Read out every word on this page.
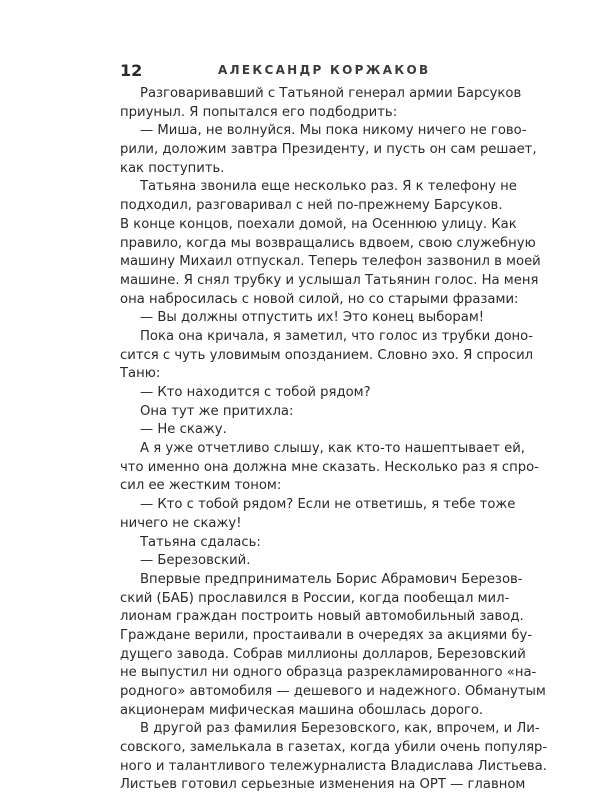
12	АЛЕКСАНДР КОРЖАКОВ
Разговаривавший с Татьяной генерал армии Барсуков
приуныл. Я попытался его подбодрить:
— Миша, не волнуйся. Мы пока никому ничего не гово-
рили, доложим завтра Президенту, и пусть он сам решает,
как поступить.
Татьяна звонила еще несколько раз. Я к телефону не
подходил, разговаривал с ней по-прежнему Барсуков.
В конце концов, поехали домой, на Осеннюю улицу. Как
правило, когда мы возвращались вдвоем, свою служебную
машину Михаил отпускал. Теперь телефон зазвонил в моей
машине. Я снял трубку и услышал Татьянин голос. На меня
она набросилась с новой силой, но со старыми фразами:
— Вы должны отпустить их! Это конец выборам!
Пока она кричала, я заметил, что голос из трубки доно-
сится с чуть уловимым опозданием. Словно эхо. Я спросил
Таню:
— Кто находится с тобой рядом?
Она тут же притихла:
— Не скажу.
А я уже отчетливо слышу, как кто-то нашептывает ей,
что именно она должна мне сказать. Несколько раз я спро-
сил ее жестким тоном:
— Кто с тобой рядом? Если не ответишь, я тебе тоже
ничего не скажу!
Татьяна сдалась:
— Березовский.
Впервые предприниматель Борис Абрамович Березов-
ский (БАБ) прославился в России, когда пообещал мил-
лионам граждан построить новый автомобильный завод.
Граждане верили, простаивали в очередях за акциями бу-
дущего завода. Собрав миллионы долларов, Березовский
не выпустил ни одного образца разрекламированного «на-
родного» автомобиля — дешевого и надежного. Обманутым
акционерам мифическая машина обошлась дорого.
В другой раз фамилия Березовского, как, впрочем, и Ли-
совского, замелькала в газетах, когда убили очень популяр-
ного и талантливого тележурналиста Владислава Листьева.
Листьев готовил серьезные изменения на ОРТ — главном
